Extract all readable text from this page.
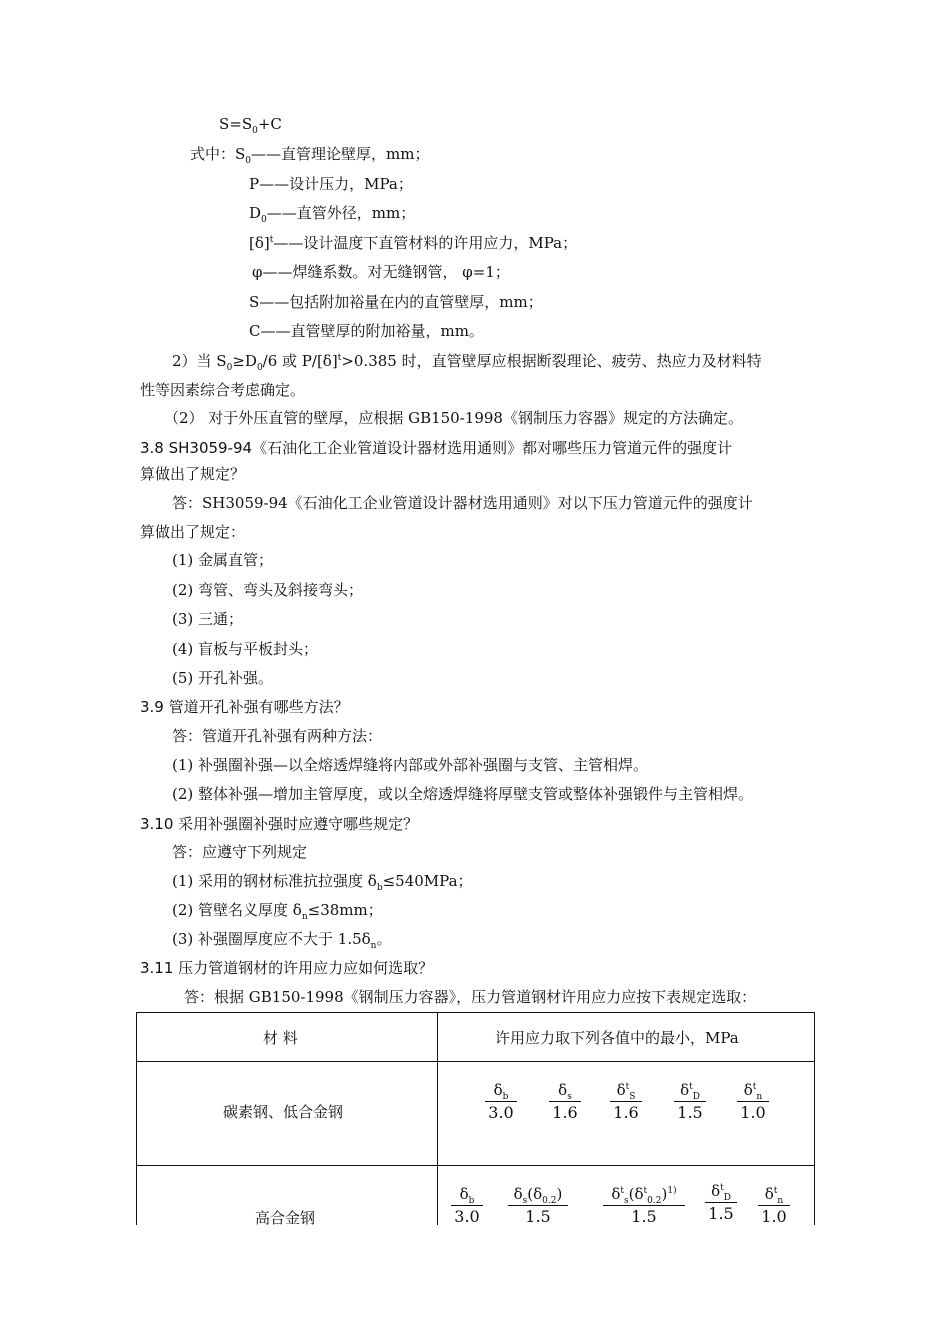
$S=S_0+C$
式中：$S_0——$直管理论壁厚，mm；
P——设计压力，MPa；
$D_0——$直管外径，mm；
$[\delta]^t——$设计温度下直管材料的许用应力，MPa；
φ——焊缝系数。对无缝钢管， φ=1；
S——包括附加裕量在内的直管壁厚，mm；
C——直管壁厚的附加裕量，mm。
2）当 $S_0\ge D_0/6$ 或 $P/[\delta]^t>0.385$ 时，直管壁厚应根据断裂理论、疲劳、热应力及材料特
性等因素综合考虑确定。
（2） 对于外压直管的壁厚，应根据 GB150-1998《钢制压力容器》规定的方法确定。
3.8 SH3059-94《石油化工企业管道设计器材选用通则》都对哪些压力管道元件的强度计
算做出了规定？
答：SH3059-94《石油化工企业管道设计器材选用通则》对以下压力管道元件的强度计
算做出了规定：
(1) 金属直管；
(2) 弯管、弯头及斜接弯头；
(3) 三通；
(4) 盲板与平板封头；
(5) 开孔补强。
3.9 管道开孔补强有哪些方法？
答：管道开孔补强有两种方法：
(1) 补强圈补强—以全熔透焊缝将内部或外部补强圈与支管、主管相焊。
(2) 整体补强—增加主管厚度，或以全熔透焊缝将厚壁支管或整体补强锻件与主管相焊。
3.10 采用补强圈补强时应遵守哪些规定？
答：应遵守下列规定
(1) 采用的钢材标准抗拉强度 $\delta_b\le 540MPa$；
(2) 管壁名义厚度 $\delta_n\le 38mm$；
(3) 补强圈厚度应不大于 $1.5\delta_n$。
3.11 压力管道钢材的许用应力应如何选取？
答：根据 GB150-1998《钢制压力容器》，压力管道钢材许用应力应按下表规定选取：
材 料	许用应力取下列各值中的最小，MPa
碳素钢、低合金钢
高合金钢
$\delta_b$
3.0
$\delta_s$
1.6
$\delta^t_S$
1.6
$\delta^t_D$
1.5
$\delta^t_n$
1.0
$\delta_b$
3.0
$\delta_s(\delta_{0.2})$
1.5
$\delta^t_s(\delta^t_{0.2})^{1)}$
1.5
$\delta^t_D$
1.5
$\delta^t_n$
1.0
